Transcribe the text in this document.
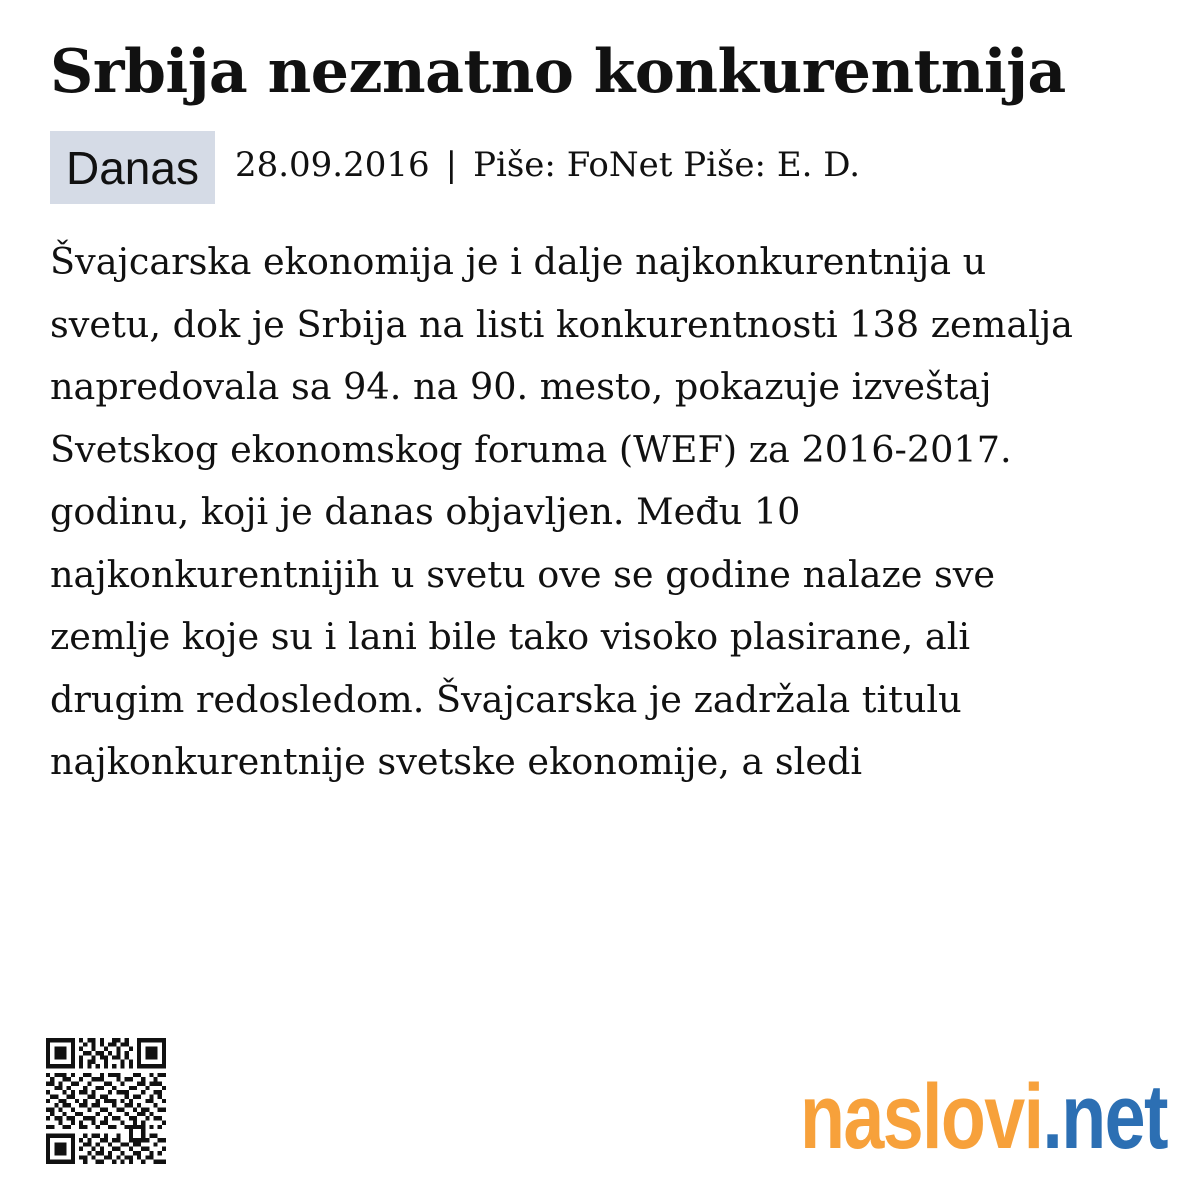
Srbija neznatno konkurentnija
Danas	28.09.2016 | Piše: FoNet Piše: E. D.
Švajcarska ekonomija je i dalje najkonkurentnija u
svetu, dok je Srbija na listi konkurentnosti 138 zemalja
napredovala sa 94. na 90. mesto, pokazuje izveštaj
Svetskog ekonomskog foruma (WEF) za 2016-2017.
godinu, koji je danas objavljen. Među 10
najkonkurentnijih u svetu ove se godine nalaze sve
zemlje koje su i lani bile tako visoko plasirane, ali
drugim redosledom. Švajcarska je zadržala titulu
najkonkurentnije svetske ekonomije, a sledi
naslovi.net
